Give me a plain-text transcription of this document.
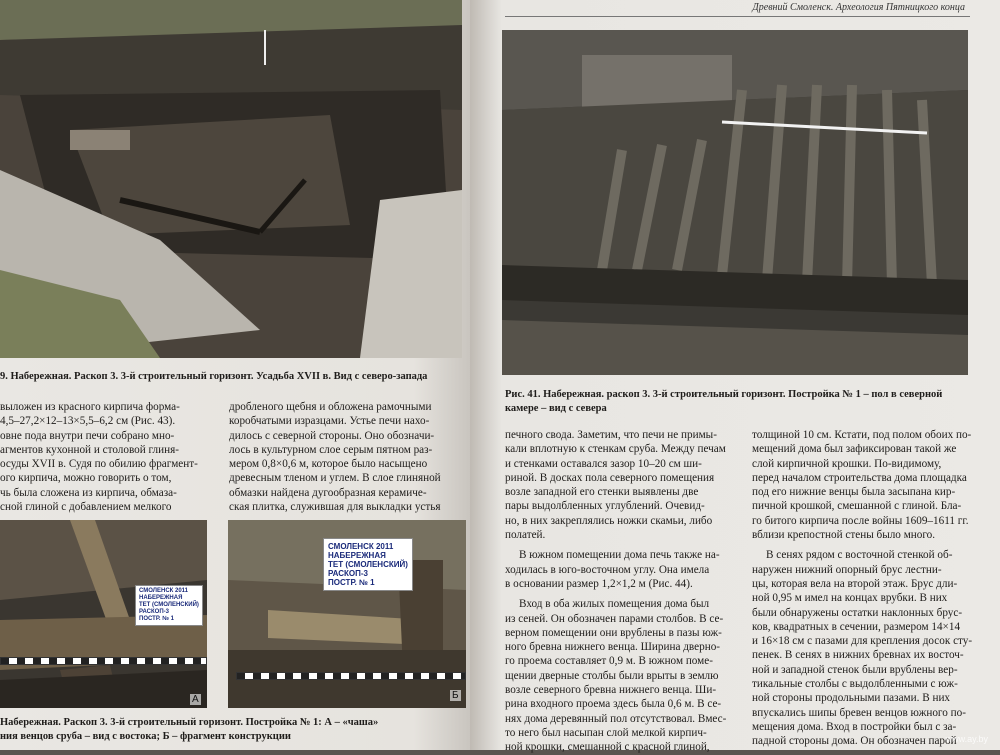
9. Набережная. Раскоп 3. 3-й строительный горизонт. Усадьба XVII в. Вид с северо-запада

выложен из красного кирпича форма-

4,5–27,2×12–13×5,5–6,2 см (Рис. 43).

овне пода внутри печи собрано мно-

агментов кухонной и столовой глиня-

осуды XVII в. Судя по обилию фрагмент-

ого кирпича, можно говорить о том,

чь была сложена из кирпича, обмаза-

сной глиной с добавлением мелкого

дробленого щебня и обложена рамочными

коробчатыми изразцами. Устье печи нахо-

дилось с северной стороны. Оно обозначи-

лось в культурном слое серым пятном раз-

мером 0,8×0,6 м, которое было насыщено

древесным тленом и углем. В слое глиняной

обмазки найдена дугообразная керамиче-

ская плитка, служившая для выкладки устья

СМОЛЕНСК 2011
НАБЕРЕЖНАЯ
ТЕТ (СМОЛЕНСКИЙ)
РАСКОП-3
ПОСТР. № 1
А
СМОЛЕНСК 2011
НАБЕРЕЖНАЯ
ТЕТ (СМОЛЕНСКИЙ)
РАСКОП-3
ПОСТР. № 1
Б
Набережная. Раскоп 3. 3-й строительный горизонт. Постройка № 1: А – «чаша»
ния венцов сруба – вид с востока; Б – фрагмент конструкции
Древний Смоленск. Археология Пятницкого конца
Рис. 41. Набережная. раскоп 3. 3-й строительный горизонт. Постройка № 1 – пол в северной
камере – вид с севера

печного свода. Заметим, что печи не примы-

кали вплотную к стенкам сруба. Между печам

и стенками оставался зазор 10–20 см ши-

риной. В досках пола северного помещения

возле западной его стенки выявлены две

пары выдолбленных углублений. Очевид-

но, в них закреплялись ножки скамьи, либо

полатей.

В южном помещении дома печь также на-

ходилась в юго-восточном углу. Она имела

в основании размер 1,2×1,2 м (Рис. 44).

Вход в оба жилых помещения дома был

из сеней. Он обозначен парами столбов. В се-

верном помещении они врублены в пазы юж-

ного бревна нижнего венца. Ширина дверно-

го проема составляет 0,9 м. В южном поме-

щении дверные столбы были врыты в землю

возле северного бревна нижнего венца. Ши-

рина входного проема здесь была 0,6 м. В се-

нях дома деревянный пол отсутствовал. Вмес-

то него был насыпан слой мелкой кирпич-

ной крошки, смешанной с красной глиной,

толщиной 10 см. Кстати, под полом обоих по-

мещений дома был зафиксирован такой же

слой кирпичной крошки. По-видимому,

перед началом строительства дома площадка

под его нижние венцы была засыпана кир-

пичной крошкой, смешанной с глиной. Бла-

го битого кирпича после войны 1609–1611 гг.

вблизи крепостной стены было много.

В сенях рядом с восточной стенкой об-

наружен нижний опорный брус лестни-

цы, которая вела на второй этаж. Брус дли-

ной 0,95 м имел на концах врубки. В них

были обнаружены остатки наклонных брус-

ков, квадратных в сечении, размером 14×14

и 16×18 см с пазами для крепления досок сту-

пенек. В сенях в нижних бревнах их восточ-

ной и западной стенок были врублены вер-

тикальные столбы с выдолбленными с юж-

ной стороны продольными пазами. В них

впускались шипы бревен венцов южного по-

мещения дома. Вход в постройки был с за-

падной стороны дома. Он обозначен парой

www.ay.by
